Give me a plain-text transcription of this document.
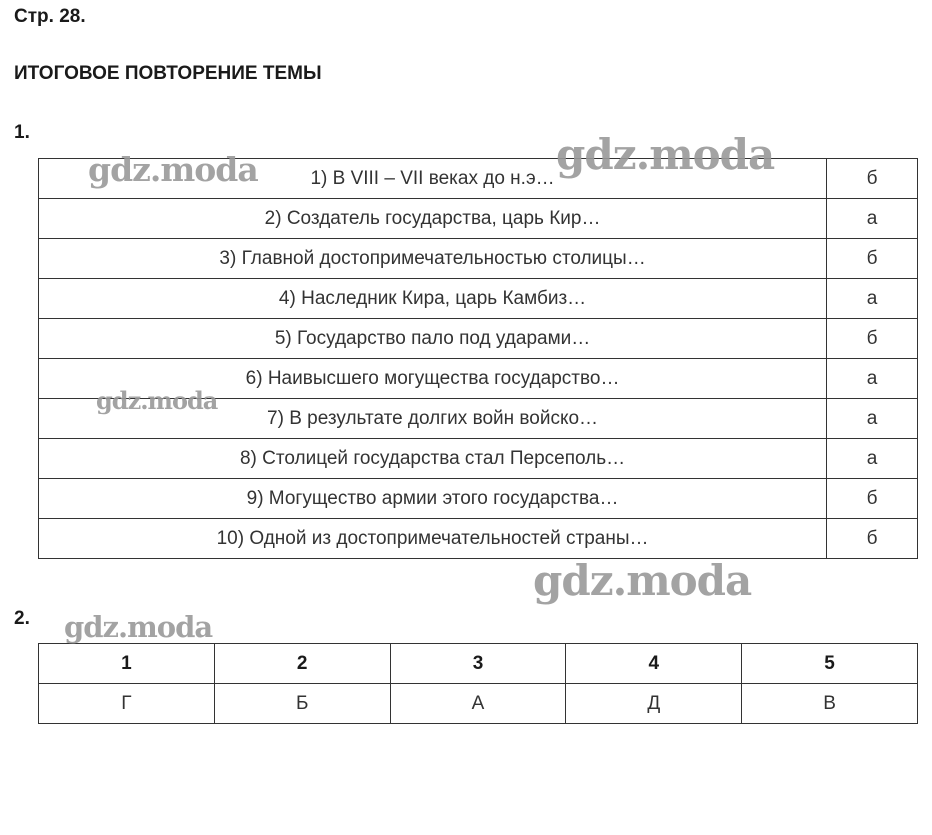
Стр. 28.
ИТОГОВОЕ ПОВТОРЕНИЕ ТЕМЫ
1.
1) В VIII – VII веках до н.э…	б
2) Создатель государства, царь Кир…	а
3) Главной достопримечательностью столицы…	б
4) Наследник Кира, царь Камбиз…	а
5) Государство пало под ударами…	б
6) Наивысшего могущества государство…	а
7) В результате долгих войн войско…	а
8) Столицей государства стал Персеполь…	а
9) Могущество армии этого государства…	б
10) Одной из достопримечательностей страны…	б
2.
1	2	3	4	5
Г	Б	А	Д	В
gdz.moda	gdz.moda
gdz.moda
gdz.moda
gdz.moda
